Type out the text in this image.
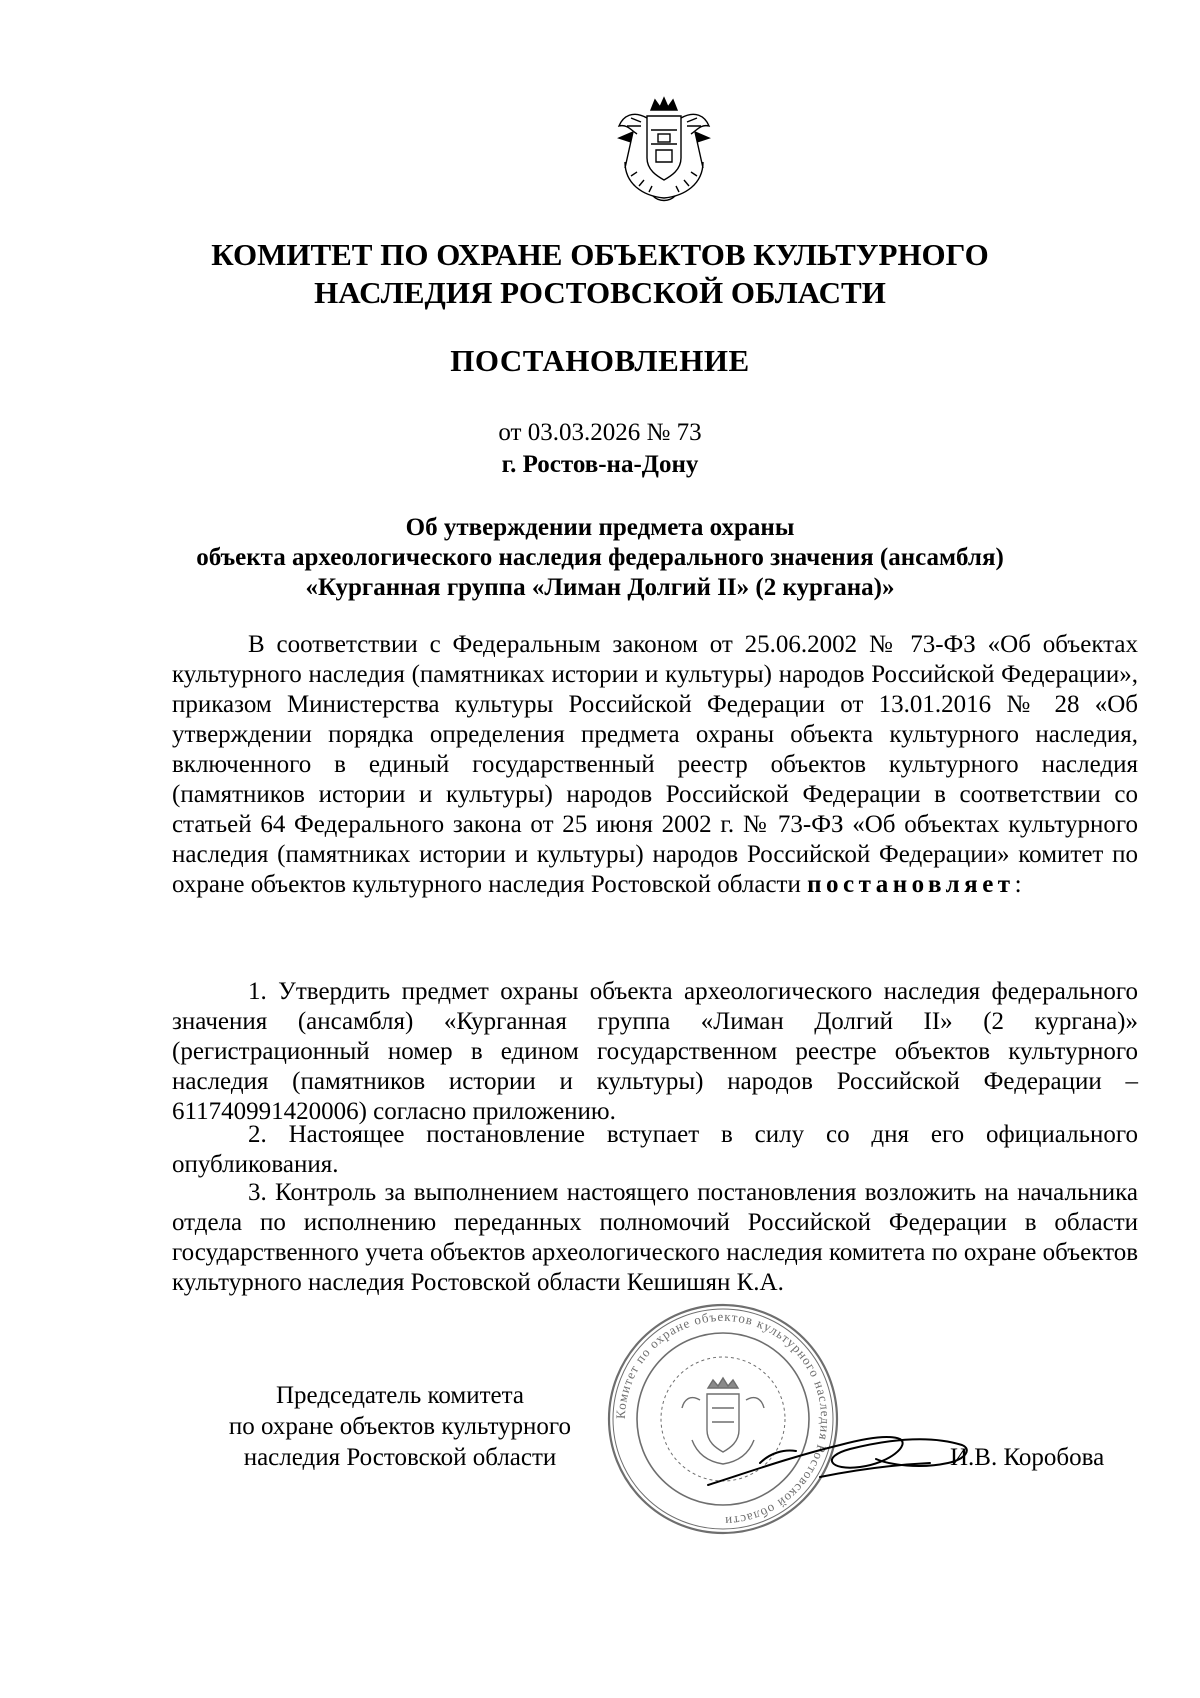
КОМИТЕТ ПО ОХРАНЕ ОБЪЕКТОВ КУЛЬТУРНОГО
НАСЛЕДИЯ РОСТОВСКОЙ ОБЛАСТИ
ПОСТАНОВЛЕНИЕ
от 03.03.2026 № 73
г. Ростов-на-Дону
Об утверждении предмета охраны
объекта археологического наследия федерального значения (ансамбля)
«Курганная группа «Лиман Долгий II» (2 кургана)»

В соответствии с Федеральным законом от 25.06.2002 № 73-ФЗ «Об объектах культурного наследия (памятниках истории и культуры) народов Российской Федерации», приказом Министерства культуры Российской Федерации от 13.01.2016 № 28 «Об утверждении порядка определения предмета охраны объекта культурного наследия, включенного в единый государственный реестр объектов культурного наследия (памятников истории и культуры) народов Российской Федерации в соответствии со статьей 64 Федерального закона от 25 июня 2002 г. № 73-ФЗ «Об объектах культурного наследия (памятниках истории и культуры) народов Российской Федерации» комитет по охране объектов культурного наследия Ростовской области постановляет:

1. Утвердить предмет охраны объекта археологического наследия федерального значения (ансамбля) «Курганная группа «Лиман Долгий II» (2 кургана)» (регистрационный номер в едином государственном реестре объектов культурного наследия (памятников истории и культуры) народов Российской Федерации – 611740991420006) согласно приложению.

2. Настоящее постановление вступает в силу со дня его официального опубликования.

3. Контроль за выполнением настоящего постановления возложить на начальника отдела по исполнению переданных полномочий Российской Федерации в области государственного учета объектов археологического наследия комитета по охране объектов культурного наследия Ростовской области Кешишян К.А.

Председатель комитета
по охране объектов культурного
наследия Ростовской области
Комитет по охране объектов культурного наследия Ростовской области
И.В. Коробова
